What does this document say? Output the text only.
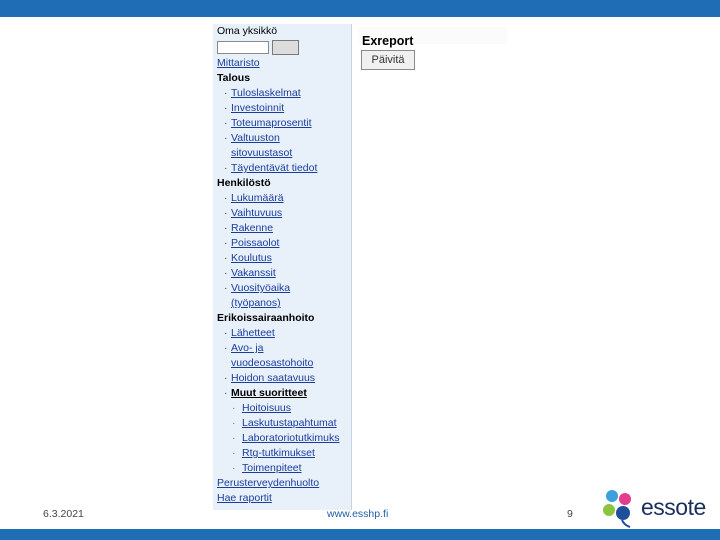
Oma yksikkö
Mittaristo
Talous
· Tuloslaskelmat
· Investoinnit
· Toteumaprosentit
· Valtuuston
sitovuustasot
· Täydentävät tiedot
Henkilöstö
· Lukumäärä
· Vaihtuvuus
· Rakenne
· Poissaolot
· Koulutus
· Vakanssit
· Vuosityöaika
(työpanos)
Erikoissairaanhoito
· Lähetteet
· Avo- ja
vuodeosastohoito
· Hoidon saatavuus
· Muut suoritteet
· Hoitoisuus
· Laskutustapahtumat
· Laboratoriotutkimuks
· Rtg-tutkimukset
· Toimenpiteet
Perusterveydenhuolto
Hae raportit
Exreport
Päivitä
6.3.2021	www.esshp.fi	9	essote
